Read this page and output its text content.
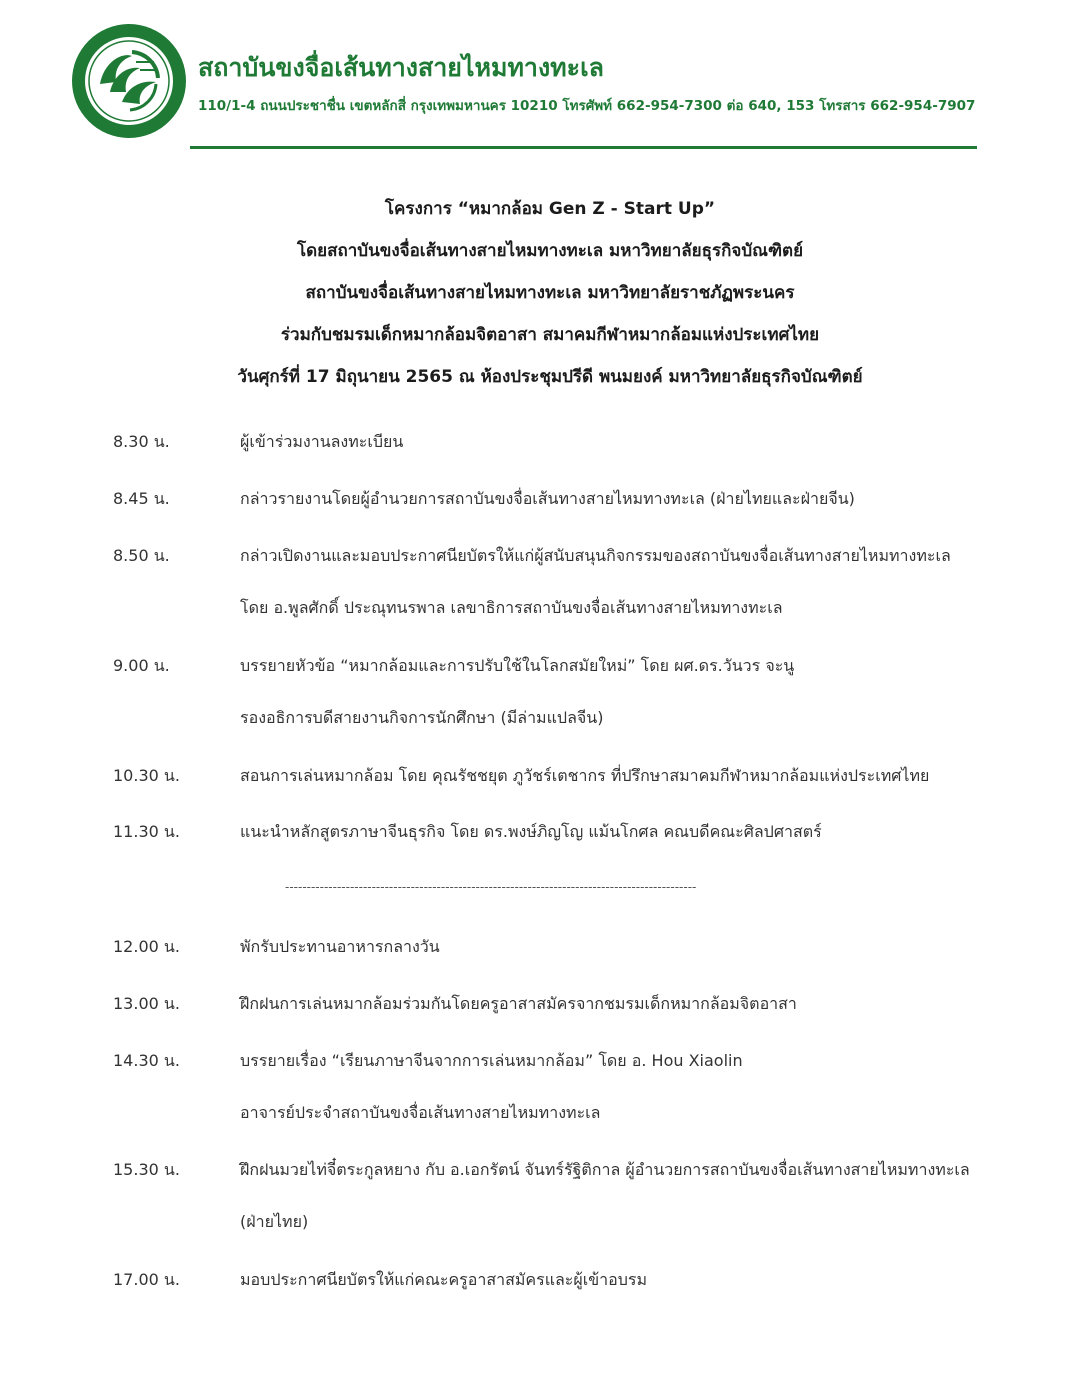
สถาบันขงจื่อเส้นทางสายไหมทางทะเล
110/1-4 ถนนประชาชื่น เขตหลักสี่ กรุงเทพมหานคร 10210 โทรศัพท์ 662-954-7300 ต่อ 640, 153 โทรสาร 662-954-7907
โครงการ “หมากล้อม Gen Z - Start Up”
โดยสถาบันขงจื่อเส้นทางสายไหมทางทะเล มหาวิทยาลัยธุรกิจบัณฑิตย์
สถาบันขงจื่อเส้นทางสายไหมทางทะเล มหาวิทยาลัยราชภัฏพระนคร
ร่วมกับชมรมเด็กหมากล้อมจิตอาสา สมาคมกีฬาหมากล้อมแห่งประเทศไทย
วันศุกร์ที่ 17 มิถุนายน 2565 ณ ห้องประชุมปรีดี พนมยงค์ มหาวิทยาลัยธุรกิจบัณฑิตย์
8.30 น.	ผู้เข้าร่วมงานลงทะเบียน
8.45 น.	กล่าวรายงานโดยผู้อำนวยการสถาบันขงจื่อเส้นทางสายไหมทางทะเล (ฝ่ายไทยและฝ่ายจีน)
8.50 น.	กล่าวเปิดงานและมอบประกาศนียบัตรให้แก่ผู้สนับสนุนกิจกรรมของสถาบันขงจื่อเส้นทางสายไหมทางทะเล
โดย อ.พูลศักดิ์ ประณุทนรพาล เลขาธิการสถาบันขงจื่อเส้นทางสายไหมทางทะเล
9.00 น.	บรรยายหัวข้อ “หมากล้อมและการปรับใช้ในโลกสมัยใหม่” โดย ผศ.ดร.วันวร จะนู
รองอธิการบดีสายงานกิจการนักศึกษา (มีล่ามแปลจีน)
10.30 น.	สอนการเล่นหมากล้อม โดย คุณรัชชยุต ภูวัชร์เตชากร ที่ปรึกษาสมาคมกีฬาหมากล้อมแห่งประเทศไทย
11.30 น.	แนะนำหลักสูตรภาษาจีนธุรกิจ โดย ดร.พงษ์ภิญโญ แม้นโกศล คณบดีคณะศิลปศาสตร์
-----------------------------------------------------------------------------------------------
12.00 น.	พักรับประทานอาหารกลางวัน
13.00 น.	ฝึกฝนการเล่นหมากล้อมร่วมกันโดยครูอาสาสมัครจากชมรมเด็กหมากล้อมจิตอาสา
14.30 น.	บรรยายเรื่อง “เรียนภาษาจีนจากการเล่นหมากล้อม” โดย อ. Hou Xiaolin
อาจารย์ประจำสถาบันขงจื่อเส้นทางสายไหมทางทะเล
15.30 น.	ฝึกฝนมวยไท่จี๋ตระกูลหยาง กับ อ.เอกรัตน์ จันทร์รัฐิติกาล ผู้อำนวยการสถาบันขงจื่อเส้นทางสายไหมทางทะเล
(ฝ่ายไทย)
17.00 น.	มอบประกาศนียบัตรให้แก่คณะครูอาสาสมัครและผู้เข้าอบรม
